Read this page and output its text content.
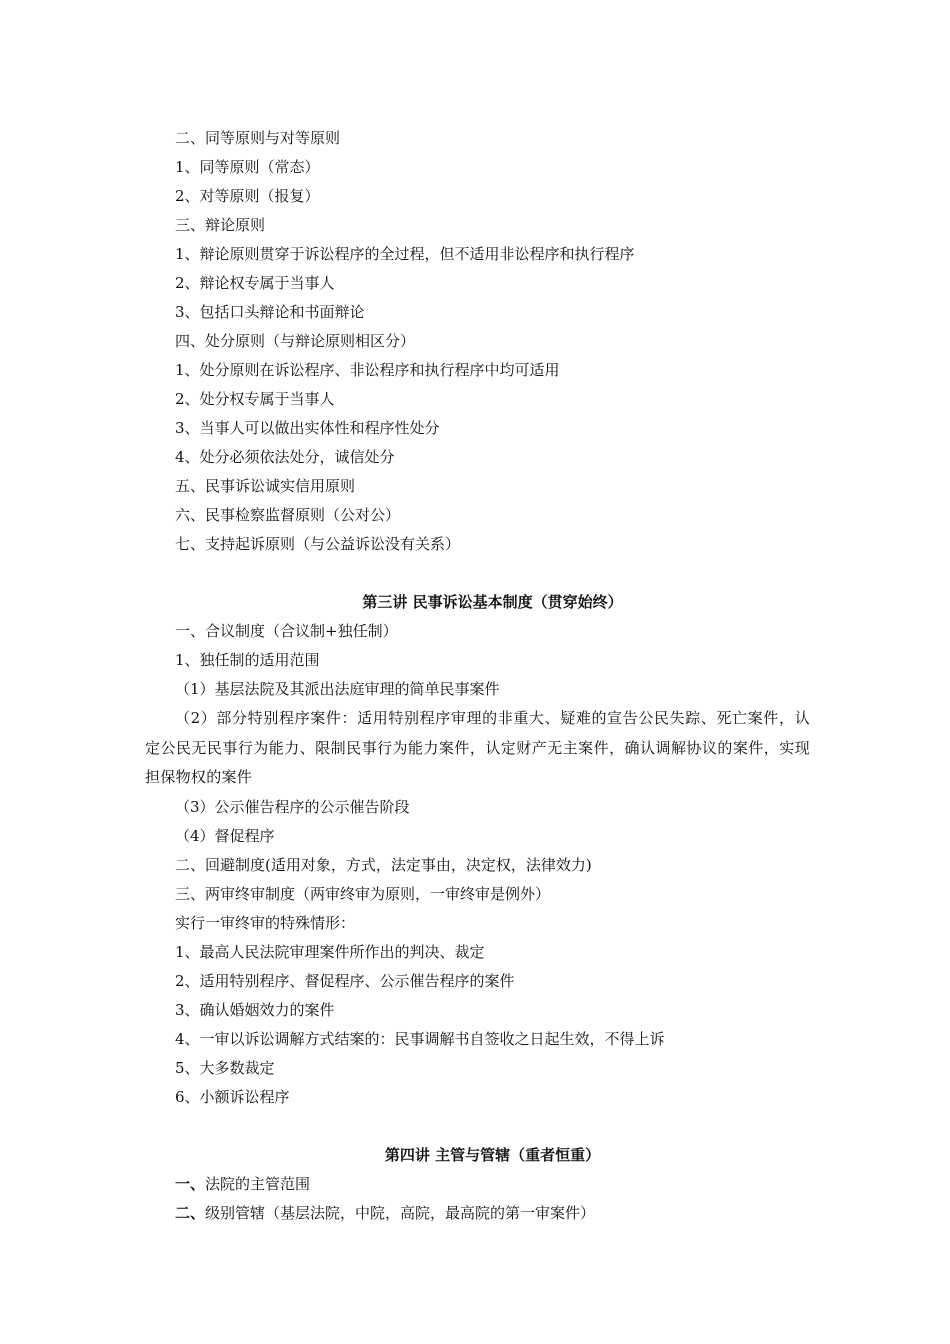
二、同等原则与对等原则
1、同等原则（常态）
2、对等原则（报复）
三、辩论原则
1、辩论原则贯穿于诉讼程序的全过程，但不适用非讼程序和执行程序
2、辩论权专属于当事人
3、包括口头辩论和书面辩论
四、处分原则（与辩论原则相区分）
1、处分原则在诉讼程序、非讼程序和执行程序中均可适用
2、处分权专属于当事人
3、当事人可以做出实体性和程序性处分
4、处分必须依法处分，诚信处分
五、民事诉讼诚实信用原则
六、民事检察监督原则（公对公）
七、支持起诉原则（与公益诉讼没有关系）
第三讲 民事诉讼基本制度（贯穿始终）
一、合议制度（合议制+独任制）
1、独任制的适用范围
（1）基层法院及其派出法庭审理的简单民事案件
（2）部分特别程序案件：适用特别程序审理的非重大、疑难的宣告公民失踪、死亡案件，认定公民无民事行为能力、限制民事行为能力案件，认定财产无主案件，确认调解协议的案件，实现担保物权的案件
（3）公示催告程序的公示催告阶段
（4）督促程序
二、回避制度(适用对象，方式，法定事由，决定权，法律效力)
三、两审终审制度（两审终审为原则，一审终审是例外）
实行一审终审的特殊情形：
1、最高人民法院审理案件所作出的判决、裁定
2、适用特别程序、督促程序、公示催告程序的案件
3、确认婚姻效力的案件
4、一审以诉讼调解方式结案的：民事调解书自签收之日起生效，不得上诉
5、大多数裁定
6、小额诉讼程序
第四讲 主管与管辖（重者恒重）
一、法院的主管范围
二、级别管辖（基层法院，中院，高院，最高院的第一审案件）
